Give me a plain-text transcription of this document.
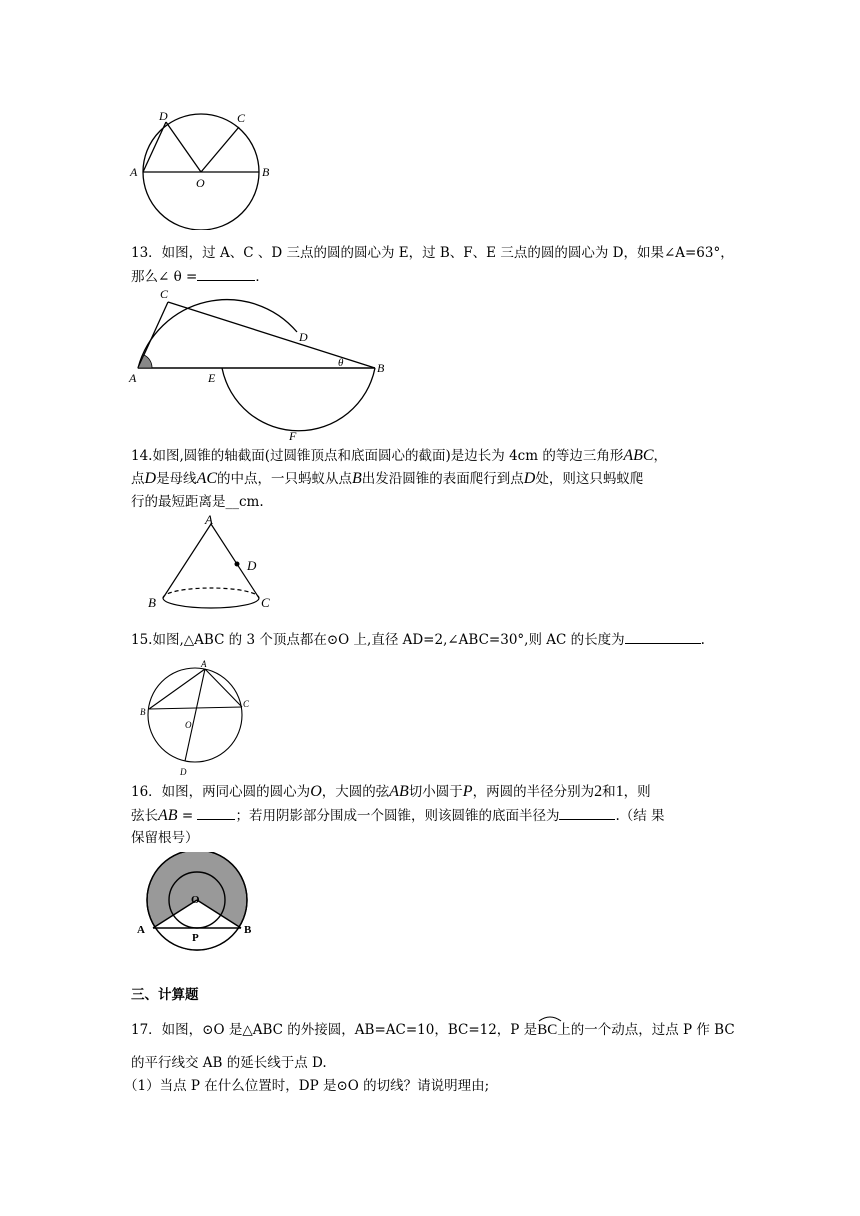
D	C
A
O
B
13．如图，过 A、C 、D 三点的圆的圆心为 E，过 B、F、E 三点的圆的圆心为 D，如果∠A=63°，
那么∠ θ =	．
C
D
A	E
θ	B
F
14.如图,圆锥的轴截面(过圆锥顶点和底面圆心的截面)是边长为 4cm 的等边三角形ABC，
点D是母线AC的中点，一只蚂蚁从点B出发沿圆锥的表面爬行到点D处，则这只蚂蚁爬
行的最短距离是__cm.
A
D
B	C
15.如图,△ABC 的 3 个顶点都在⊙O 上,直径 AD=2,∠ABC=30°,则 AC 的长度为	.
A
B
C
O
D
16．如图，两同心圆的圆心为O，大圆的弦AB切小圆于P，两圆的半径分别为2和1，则
弦长AB =	；若用阴影部分围成一个圆锥，则该圆锥的底面半径为	.（结 果
保留根号）
O
P
A	B
三、计算题
17．如图，⊙O 是△ABC 的外接圆，AB=AC=10，BC=12，P 是
BC上的一个动点，过点 P 作 BC
的平行线交 AB 的延长线于点 D.
（1）当点 P 在什么位置时，DP 是⊙O 的切线？请说明理由;
